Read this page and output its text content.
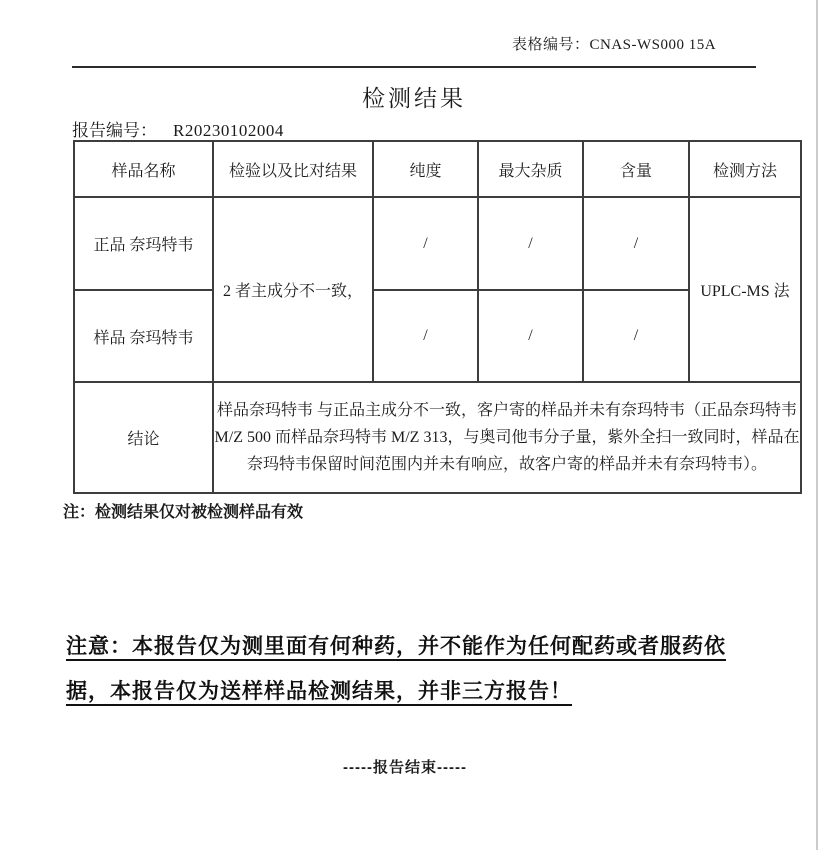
表格编号：CNAS-WS000 15A
检测结果
报告编号： R20230102004
样品名称	检验以及比对结果	纯度	最大杂质	含量	检测方法
正品 奈玛特韦	2 者主成分不一致，	/	/	/	UPLC-MS 法
样品 奈玛特韦		/	/	/	
结论	样品奈玛特韦 与正品主成分不一致，客户寄的样品并未有奈玛特韦（正品奈玛特韦 M/Z 500 而样品奈玛特韦 M/Z 313，与奥司他韦分子量，紫外全扫一致同时，样品在奈玛特韦保留时间范围内并未有响应，故客户寄的样品并未有奈玛特韦）。				
注：检测结果仅对被检测样品有效
注意：本报告仅为测里面有何种药，并不能作为任何配药或者服药依
据，本报告仅为送样样品检测结果，并非三方报告！
-----报告结束-----
